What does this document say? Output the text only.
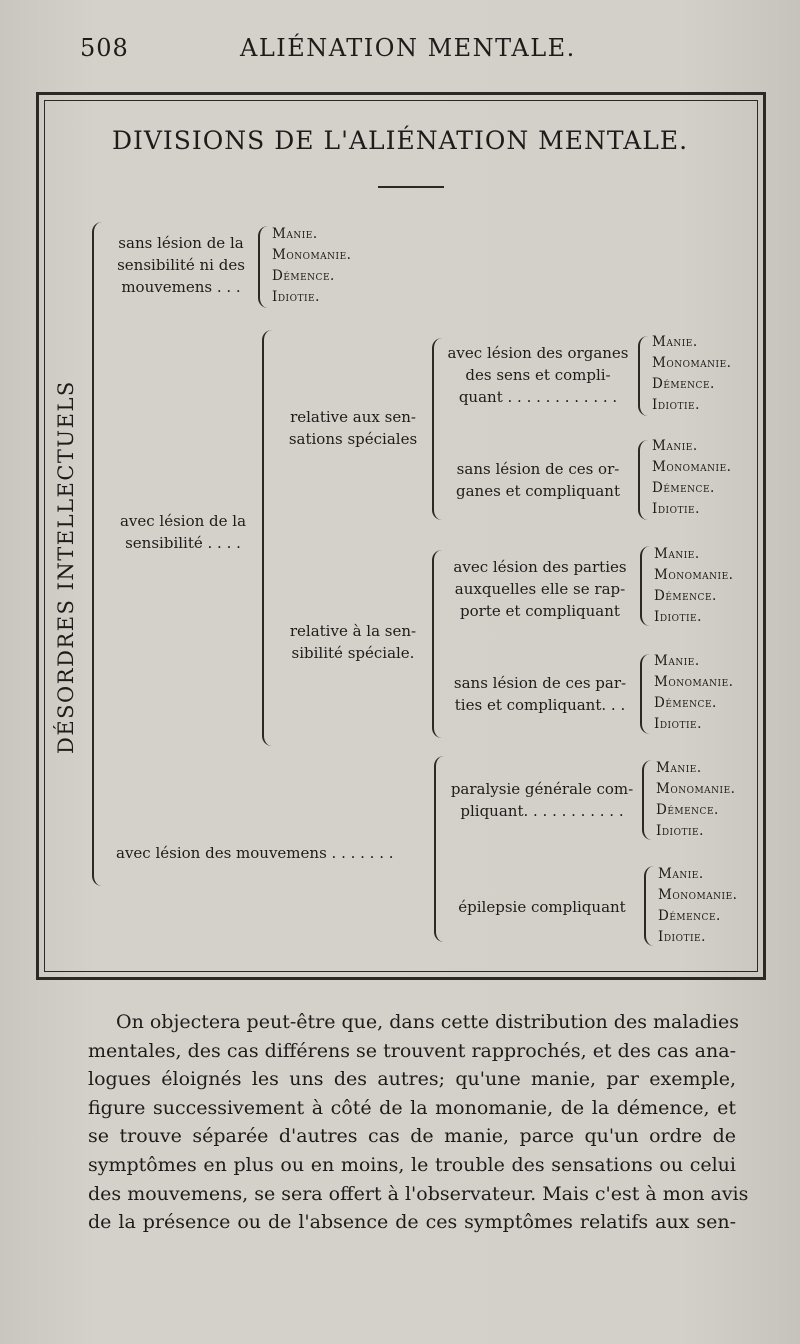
508	ALIÉNATION MENTALE.
DIVISIONS DE L'ALIÉNATION MENTALE.
DÉSORDRES INTELLECTUELS
sans lésion de la
sensibilité ni des
mouvemens . . .
Manie.
Monomanie.
Démence.
Idiotie.
avec lésion de la
sensibilité . . . .
relative aux sen-
sations spéciales
avec lésion des organes
des sens et compli-
quant . . . . . . . . . . . .
Manie.
Monomanie.
Démence.
Idiotie.
sans lésion de ces or-
ganes et compliquant
Manie.
Monomanie.
Démence.
Idiotie.
relative à la sen-
sibilité spéciale.
avec lésion des parties
auxquelles elle se rap-
porte et compliquant
Manie.
Monomanie.
Démence.
Idiotie.
sans lésion de ces par-
ties et compliquant. . .
Manie.
Monomanie.
Démence.
Idiotie.
avec lésion des mouvemens . . . . . . .
paralysie générale com-
pliquant. . . . . . . . . . .
Manie.
Monomanie.
Démence.
Idiotie.
épilepsie compliquant
Manie.
Monomanie.
Démence.
Idiotie.
On objectera peut-être que, dans cette distribution des maladies
mentales, des cas différens se trouvent rapprochés, et des cas ana-
logues éloignés les uns des autres; qu'une manie, par exemple,
figure successivement à côté de la monomanie, de la démence, et
se trouve séparée d'autres cas de manie, parce qu'un ordre de
symptômes en plus ou en moins, le trouble des sensations ou celui
des mouvemens, se sera offert à l'observateur. Mais c'est à mon avis
de la présence ou de l'absence de ces symptômes relatifs aux sen-
